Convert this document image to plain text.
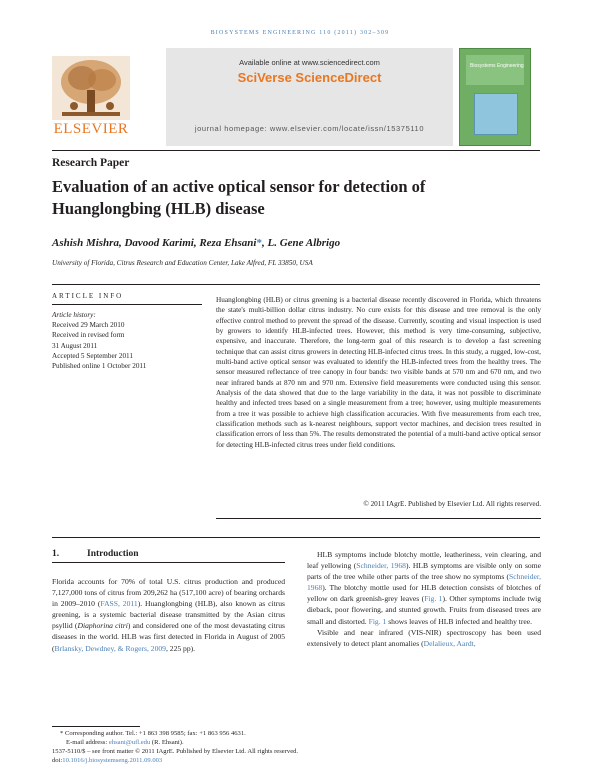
BIOSYSTEMS ENGINEERING 110 (2011) 302–309
ELSEVIER
Available online at www.sciencedirect.com
SciVerse ScienceDirect
journal homepage: www.elsevier.com/locate/issn/15375110
Biosystems Engineering
Research Paper
Evaluation of an active optical sensor for detection of Huanglongbing (HLB) disease
Ashish Mishra, Davood Karimi, Reza Ehsani*, L. Gene Albrigo
University of Florida, Citrus Research and Education Center, Lake Alfred, FL 33850, USA
ARTICLE INFO
Article history:
Received 29 March 2010
Received in revised form
31 August 2011
Accepted 5 September 2011
Published online 1 October 2011
Huanglongbing (HLB) or citrus greening is a bacterial disease recently discovered in Florida, which threatens the state's multi-billion dollar citrus industry. No cure exists for this disease and tree removal is the only effective control method to prevent the spread of the disease. Currently, scouting and visual inspection is used by growers to identify HLB-infected trees. However, this method is very time-consuming, subjective, expensive, and inaccurate. Therefore, the long-term goal of this research is to develop a fast screening technique that can assist citrus growers in detecting HLB-infected citrus trees. In this study, a rugged, low-cost, multi-band active optical sensor was evaluated to identify the HLB-infected trees from the healthy trees. The sensor measured reflectance of tree canopy in four bands: two visible bands at 570 nm and 670 nm, and two near infrared bands at 870 nm and 970 nm. Extensive field measurements were conducted using this sensor. Analysis of the data showed that due to the large variability in the data, it was not possible to discriminate healthy and infected trees based on a single measurement from a tree; however, using multiple measurements from a tree it was possible to achieve high classification accuracies. With five measurements from each tree, classification methods such as k-nearest neighbours, support vector machines, and decision trees resulted in classification errors of less than 5%. The results demonstrated the potential of a multi-band active optical sensor for detecting HLB-infected citrus trees under field conditions.
© 2011 IAgrE. Published by Elsevier Ltd. All rights reserved.
1.	Introduction

Florida accounts for 70% of total U.S. citrus production and produced 7,127,000 tons of citrus from 209,262 ha (517,100 acre) of bearing orchards in 2009–2010 (FASS, 2011). Huanglongbing (HLB), also known as citrus greening, is a systemic bacterial disease transmitted by the Asian citrus psyllid (Diaphorina citri) and considered one of the most devastating citrus diseases in the world. HLB was first detected in Florida in August of 2005 (Brlansky, Dewdney, & Rogers, 2009, 225 pp).

HLB symptoms include blotchy mottle, leatheriness, vein clearing, and leaf yellowing (Schneider, 1968). HLB symptoms are visible only on some parts of the tree while other parts of the tree show no symptoms (Schneider, 1968). The blotchy mottle used for HLB detection consists of blotches of yellow on dark greenish-grey leaves (Fig. 1). Other symptoms include twig dieback, poor flowering, and stunted growth. Fruits from diseased trees are small and distorted. Fig. 1 shows leaves of HLB infected and healthy tree.

Visible and near infrared (VIS-NIR) spectroscopy has been used extensively to detect plant anomalies (Delalieux, Aardt,

* Corresponding author. Tel.: +1 863 398 9585; fax: +1 863 956 4631.
E-mail address: ehsani@ufl.edu (R. Ehsani).
1537-5110/$ – see front matter © 2011 IAgrE. Published by Elsevier Ltd. All rights reserved.
doi:10.1016/j.biosystemseng.2011.09.003
